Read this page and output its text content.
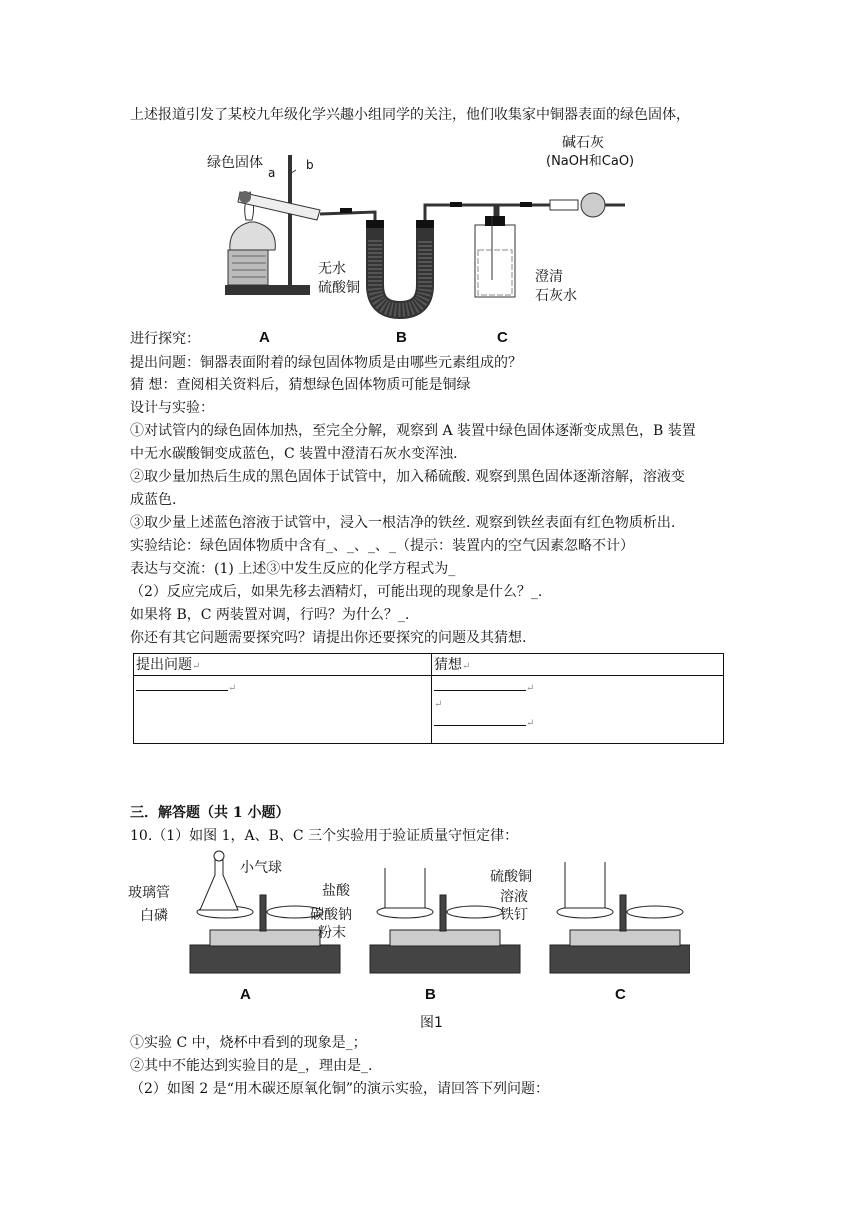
上述报道引发了某校九年级化学兴趣小组同学的关注，他们收集家中铜器表面的绿色固体，
绿色固体
a
b
碱石灰
(NaOH和CaO)
无水
硫酸铜
澄清
石灰水
进行探究：	A	B	C
提出问题：铜器表面附着的绿包固体物质是由哪些元素组成的？
猜 想：查阅相关资料后，猜想绿色固体物质可能是铜绿
设计与实验：
①对试管内的绿色固体加热，至完全分解，观察到 A 装置中绿色固体逐渐变成黑色，B 装置
中无水碳酸铜变成蓝色，C 装置中澄清石灰水变浑浊.
②取少量加热后生成的黑色固体于试管中，加入稀硫酸. 观察到黑色固体逐渐溶解，溶液变
成蓝色.
③取少量上述蓝色溶液于试管中，浸入一根洁净的铁丝. 观察到铁丝表面有红色物质析出.
实验结论：绿色固体物质中含有_、_、_、_（提示：装置内的空气因素忽略不计）
表达与交流：(1) 上述③中发生反应的化学方程式为_
（2）反应完成后，如果先移去酒精灯，可能出现的现象是什么？_.
如果将 B，C 两装置对调，行吗？为什么？_.
你还有其它问题需要探究吗？请提出你还要探究的问题及其猜想.
提出问题↵	猜想↵
↵	↵
↵
↵
三．解答题（共 1 小题）
10.（1）如图 1，A、B、C 三个实验用于验证质量守恒定律：
小气球
玻璃管
白磷
盐酸
碳酸钠
粉末
硫酸铜
溶液
铁钉
A	B	C
图1
①实验 C 中，烧杯中看到的现象是_；
②其中不能达到实验目的是_，理由是_.
（2）如图 2 是“用木碳还原氧化铜”的演示实验，请回答下列问题：
